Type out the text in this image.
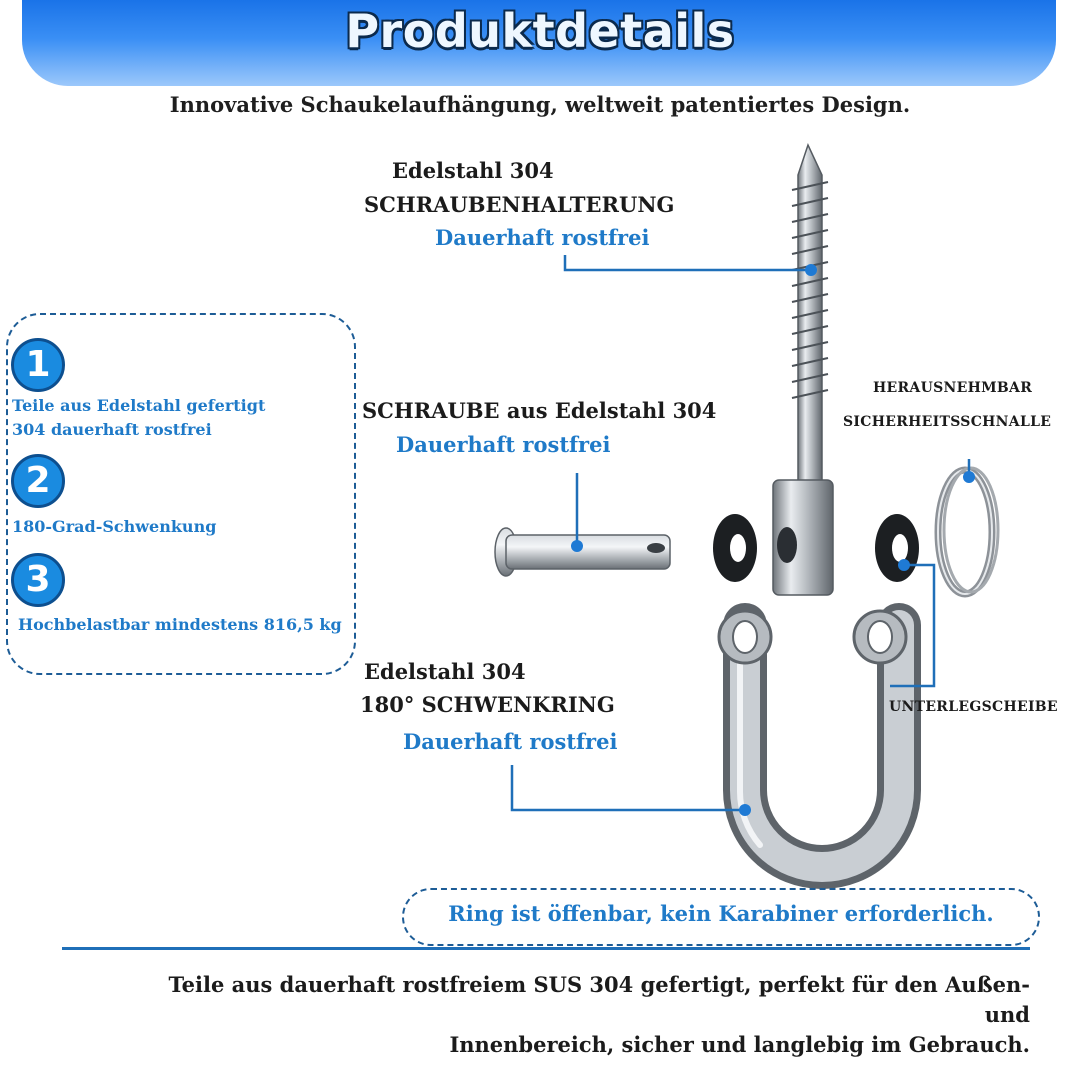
Produktdetails
Innovative Schaukelaufhängung, weltweit patentiertes Design.
Edelstahl 304
SCHRAUBENHALTERUNG
Dauerhaft rostfrei
SCHRAUBE aus Edelstahl 304
Dauerhaft rostfrei
Edelstahl 304
180° SCHWENKRING
Dauerhaft rostfrei
HERAUSNEHMBAR
SICHERHEITSSCHNALLE
UNTERLEGSCHEIBE
1
Teile aus Edelstahl gefertigt
304 dauerhaft rostfrei
2
180-Grad-Schwenkung
3
Hochbelastbar mindestens 816,5 kg
Ring ist öffenbar, kein Karabiner erforderlich.
Teile aus dauerhaft rostfreiem SUS 304 gefertigt, perfekt für den Außen- und
Innenbereich, sicher und langlebig im Gebrauch.
